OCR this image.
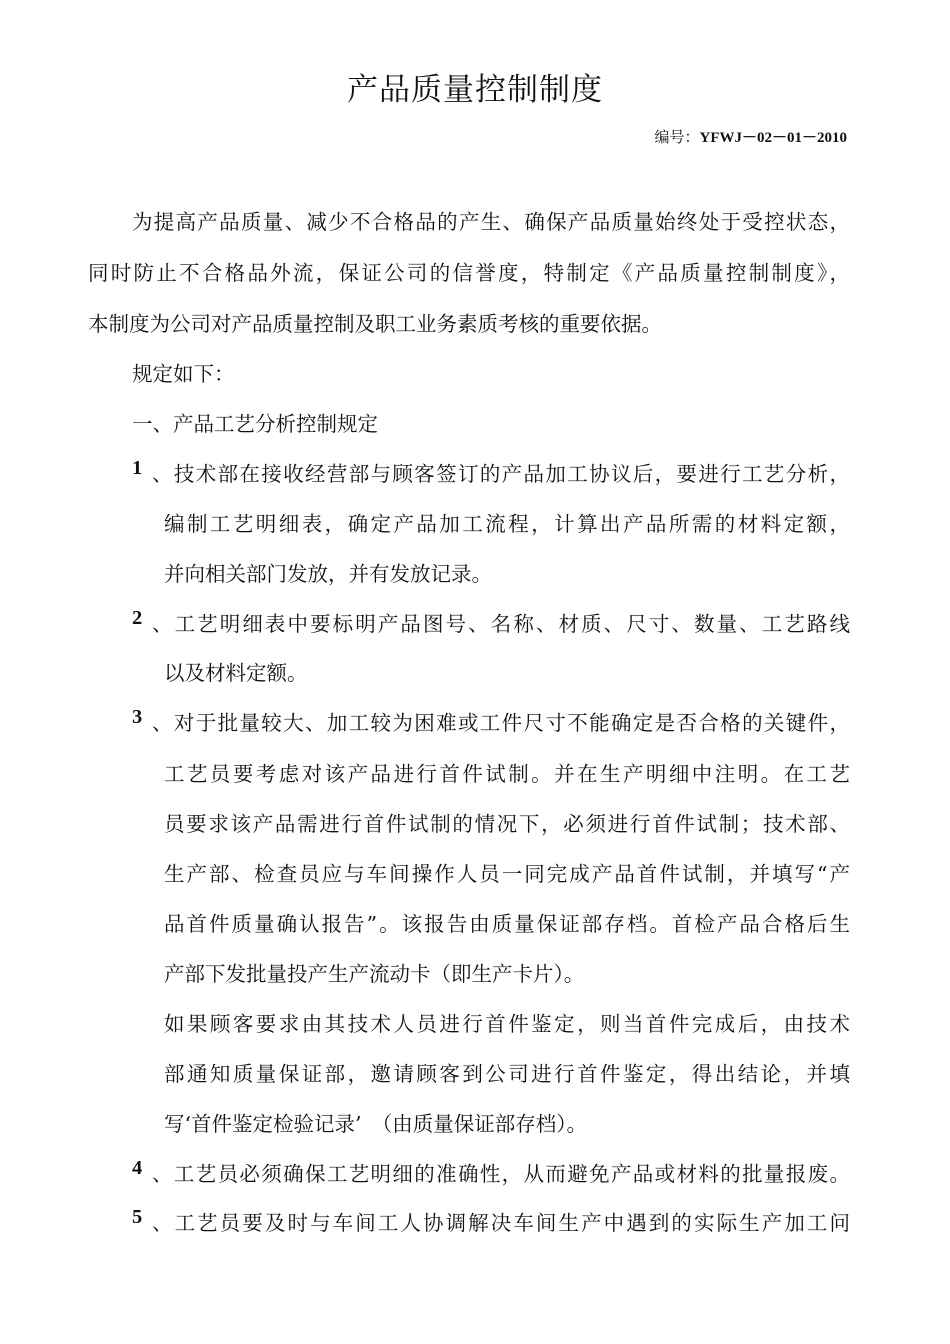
产品质量控制制度
编号：YFWJ－02－01－2010
为提高产品质量、减少不合格品的产生、确保产品质量始终处于受控状态，
同时防止不合格品外流，保证公司的信誉度，特制定《产品质量控制制度》，
本制度为公司对产品质量控制及职工业务素质考核的重要依据。
规定如下：
一、产品工艺分析控制规定
1 、技术部在接收经营部与顾客签订的产品加工协议后，要进行工艺分析，
编制工艺明细表，确定产品加工流程，计算出产品所需的材料定额，
并向相关部门发放，并有发放记录。
2 、工艺明细表中要标明产品图号、名称、材质、尺寸、数量、工艺路线
以及材料定额。
3 、对于批量较大、加工较为困难或工件尺寸不能确定是否合格的关键件，
工艺员要考虑对该产品进行首件试制。并在生产明细中注明。在工艺
员要求该产品需进行首件试制的情况下，必须进行首件试制；技术部、
生产部、检查员应与车间操作人员一同完成产品首件试制，并填写“产
品首件质量确认报告”。该报告由质量保证部存档。首检产品合格后生
产部下发批量投产生产流动卡（即生产卡片）。
如果顾客要求由其技术人员进行首件鉴定，则当首件完成后，由技术
部通知质量保证部，邀请顾客到公司进行首件鉴定，得出结论，并填
写‘首件鉴定检验记录’　（由质量保证部存档）。
4 、工艺员必须确保工艺明细的准确性，从而避免产品或材料的批量报废。
5 、工艺员要及时与车间工人协调解决车间生产中遇到的实际生产加工问
